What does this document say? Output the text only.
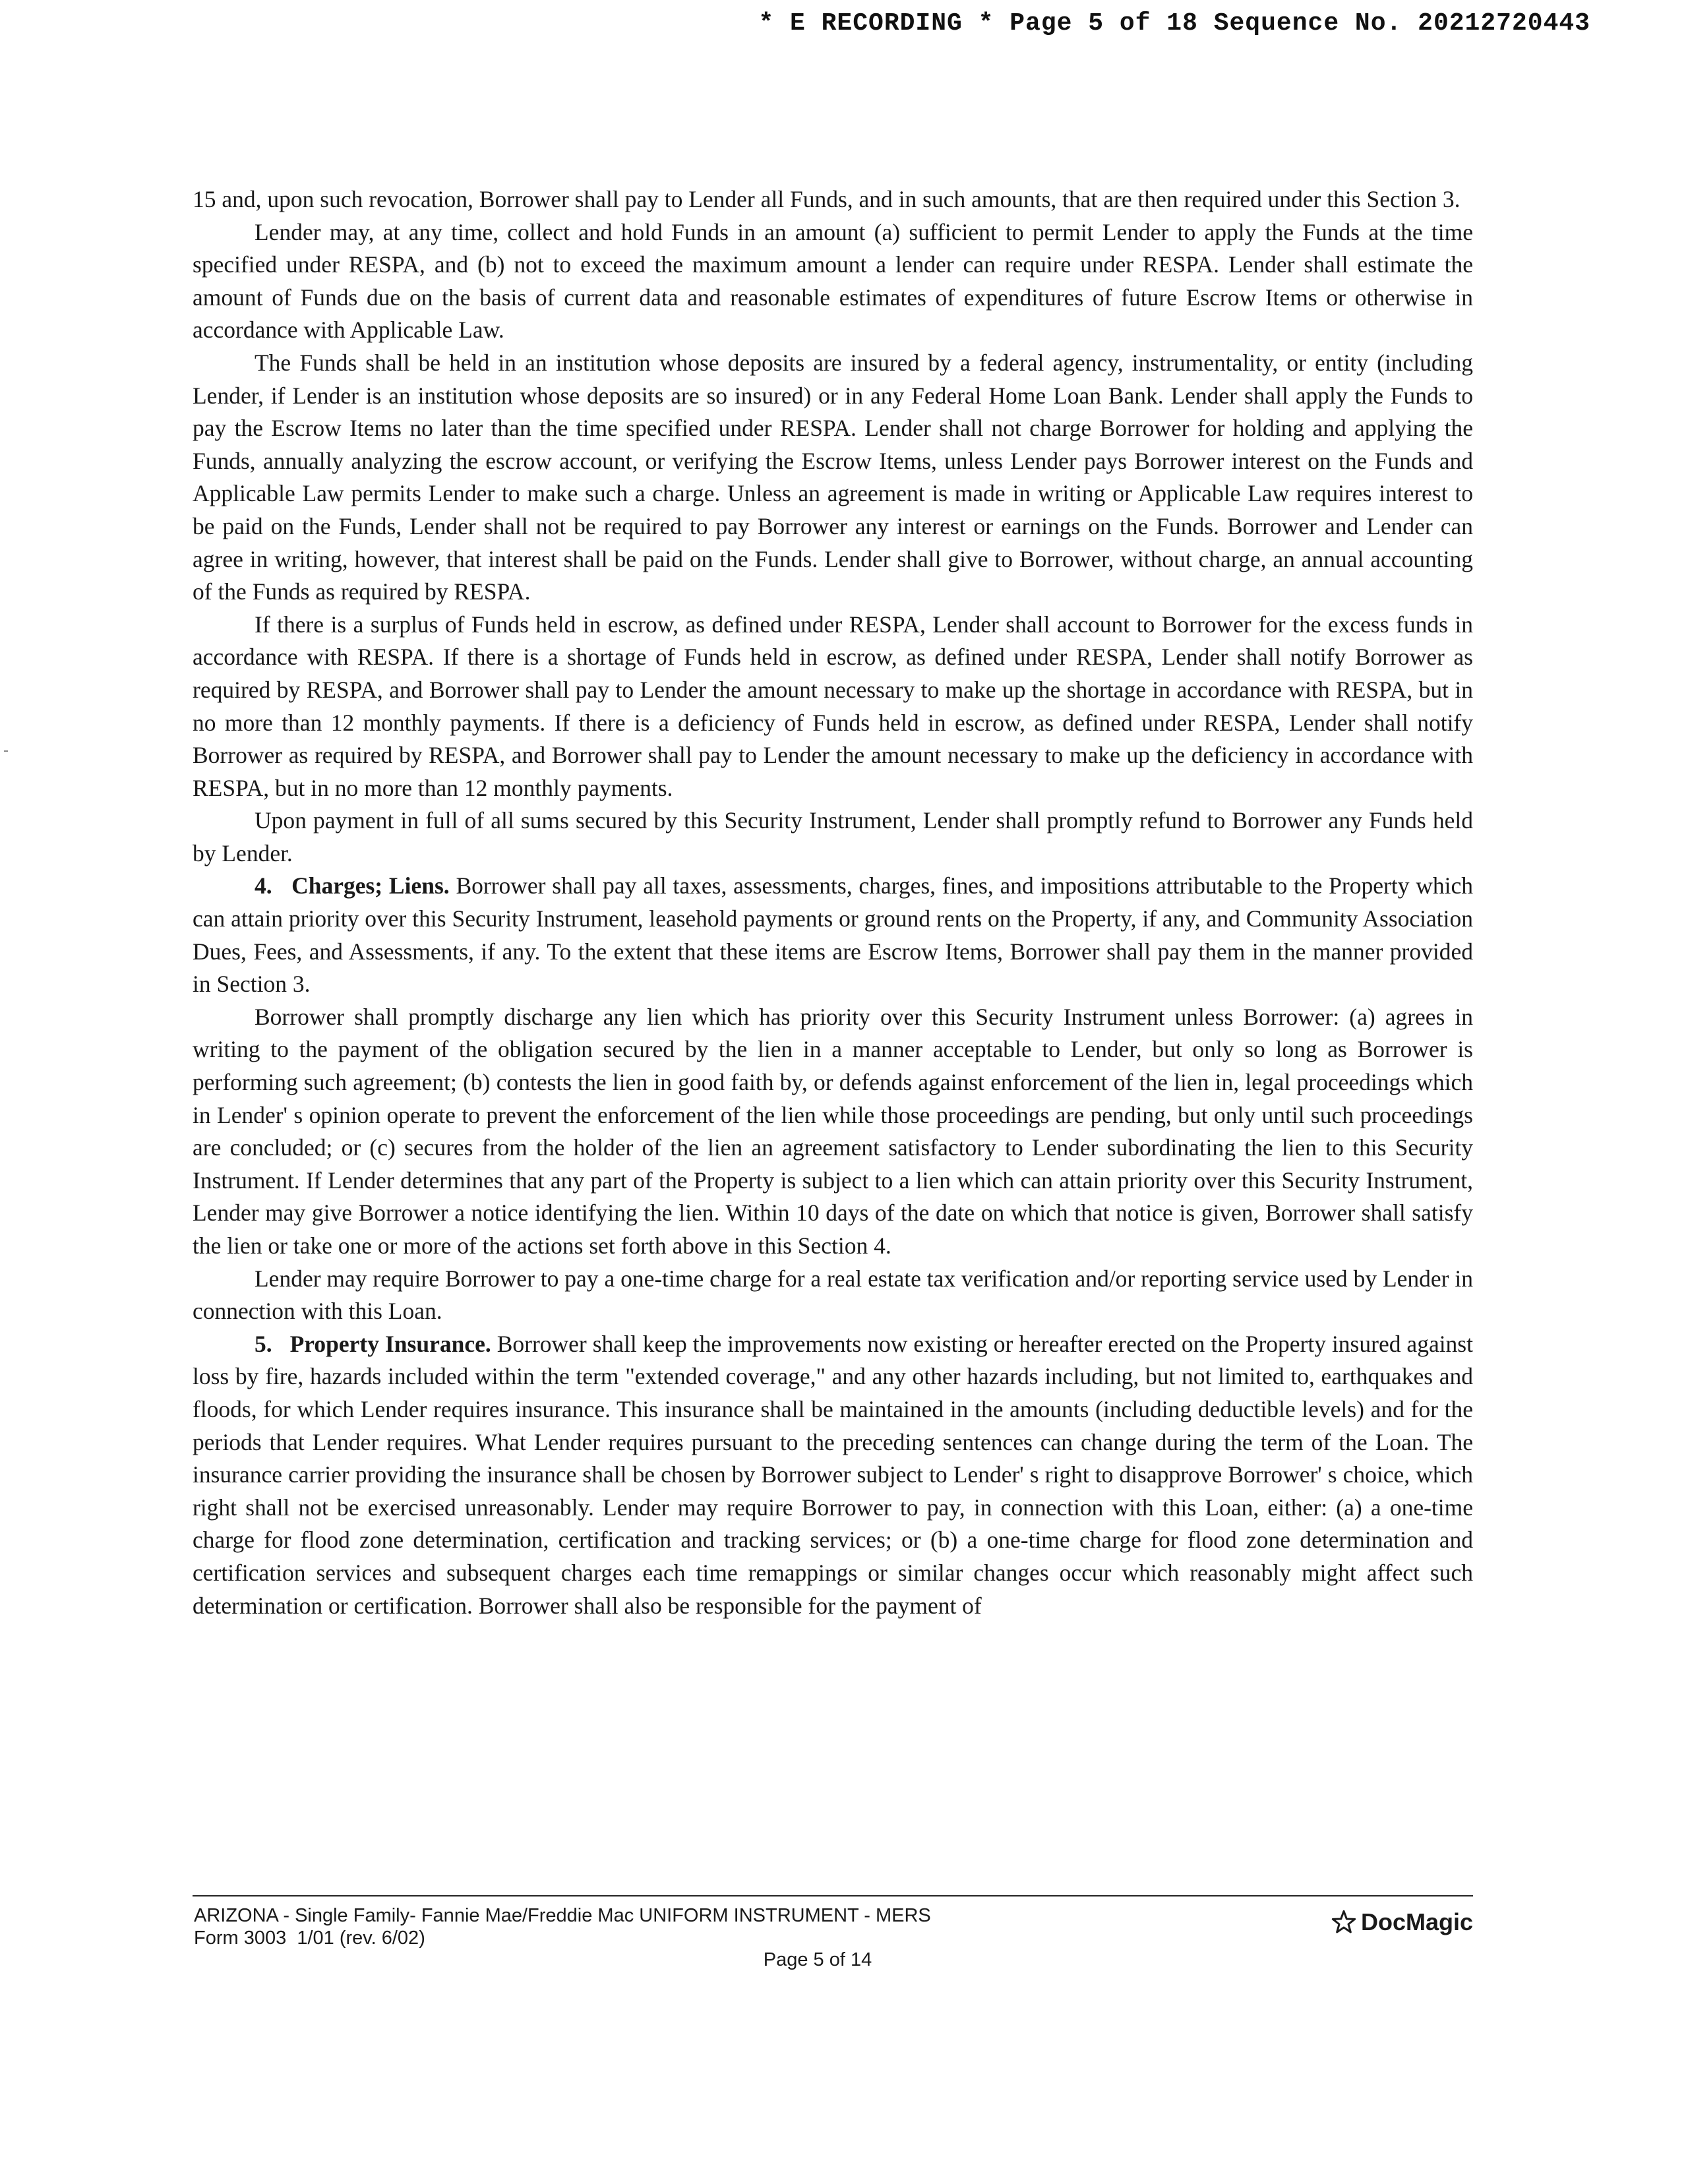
* E RECORDING * Page 5 of 18 Sequence No. 20212720443

15 and, upon such revocation, Borrower shall pay to Lender all Funds, and in such amounts, that are then required under this Section 3.

Lender may, at any time, collect and hold Funds in an amount (a) sufficient to permit Lender to apply the Funds at the time specified under RESPA, and (b) not to exceed the maximum amount a lender can require under RESPA. Lender shall estimate the amount of Funds due on the basis of current data and reasonable estimates of expenditures of future Escrow Items or otherwise in accordance with Applicable Law.

The Funds shall be held in an institution whose deposits are insured by a federal agency, instrumentality, or entity (including Lender, if Lender is an institution whose deposits are so insured) or in any Federal Home Loan Bank. Lender shall apply the Funds to pay the Escrow Items no later than the time specified under RESPA. Lender shall not charge Borrower for holding and applying the Funds, annually analyzing the escrow account, or verifying the Escrow Items, unless Lender pays Borrower interest on the Funds and Applicable Law permits Lender to make such a charge. Unless an agreement is made in writing or Applicable Law requires interest to be paid on the Funds, Lender shall not be required to pay Borrower any interest or earnings on the Funds. Borrower and Lender can agree in writing, however, that interest shall be paid on the Funds. Lender shall give to Borrower, without charge, an annual accounting of the Funds as required by RESPA.

If there is a surplus of Funds held in escrow, as defined under RESPA, Lender shall account to Borrower for the excess funds in accordance with RESPA. If there is a shortage of Funds held in escrow, as defined under RESPA, Lender shall notify Borrower as required by RESPA, and Borrower shall pay to Lender the amount necessary to make up the shortage in accordance with RESPA, but in no more than 12 monthly payments. If there is a deficiency of Funds held in escrow, as defined under RESPA, Lender shall notify Borrower as required by RESPA, and Borrower shall pay to Lender the amount necessary to make up the deficiency in accordance with RESPA, but in no more than 12 monthly payments.

Upon payment in full of all sums secured by this Security Instrument, Lender shall promptly refund to Borrower any Funds held by Lender.

4. Charges; Liens. Borrower shall pay all taxes, assessments, charges, fines, and impositions attributable to the Property which can attain priority over this Security Instrument, leasehold payments or ground rents on the Property, if any, and Community Association Dues, Fees, and Assessments, if any. To the extent that these items are Escrow Items, Borrower shall pay them in the manner provided in Section 3.

Borrower shall promptly discharge any lien which has priority over this Security Instrument unless Borrower: (a) agrees in writing to the payment of the obligation secured by the lien in a manner acceptable to Lender, but only so long as Borrower is performing such agreement; (b) contests the lien in good faith by, or defends against enforcement of the lien in, legal proceedings which in Lender' s opinion operate to prevent the enforcement of the lien while those proceedings are pending, but only until such proceedings are concluded; or (c) secures from the holder of the lien an agreement satisfactory to Lender subordinating the lien to this Security Instrument. If Lender determines that any part of the Property is subject to a lien which can attain priority over this Security Instrument, Lender may give Borrower a notice identifying the lien. Within 10 days of the date on which that notice is given, Borrower shall satisfy the lien or take one or more of the actions set forth above in this Section 4.

Lender may require Borrower to pay a one-time charge for a real estate tax verification and/or reporting service used by Lender in connection with this Loan.

5. Property Insurance. Borrower shall keep the improvements now existing or hereafter erected on the Property insured against loss by fire, hazards included within the term "extended coverage," and any other hazards including, but not limited to, earthquakes and floods, for which Lender requires insurance. This insurance shall be maintained in the amounts (including deductible levels) and for the periods that Lender requires. What Lender requires pursuant to the preceding sentences can change during the term of the Loan. The insurance carrier providing the insurance shall be chosen by Borrower subject to Lender' s right to disapprove Borrower' s choice, which right shall not be exercised unreasonably. Lender may require Borrower to pay, in connection with this Loan, either: (a) a one-time charge for flood zone determination, certification and tracking services; or (b) a one-time charge for flood zone determination and certification services and subsequent charges each time remappings or similar changes occur which reasonably might affect such determination or certification. Borrower shall also be responsible for the payment of

ARIZONA - Single Family- Fannie Mae/Freddie Mac UNIFORM INSTRUMENT - MERS
Form 3003  1/01 (rev. 6/02)
Page 5 of 14
DocMagic
